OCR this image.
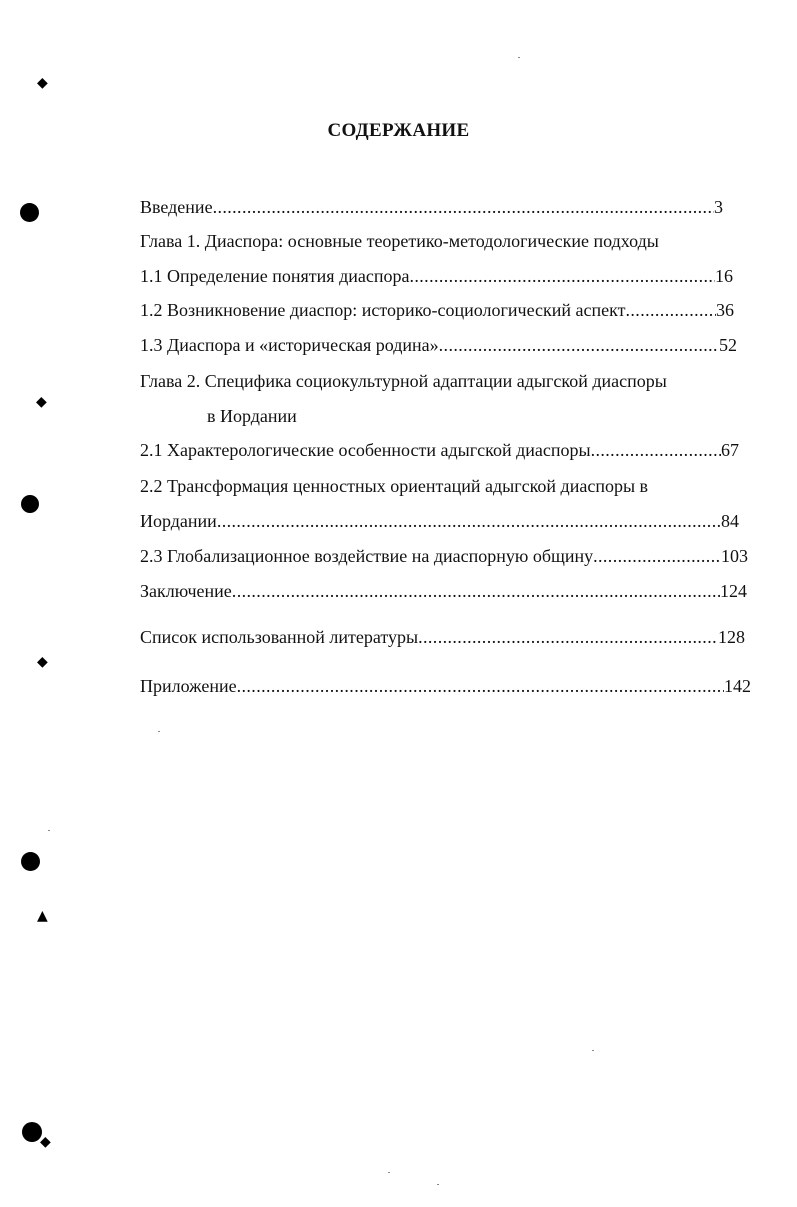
◆
◆
◆
▲
◆
СОДЕРЖАНИЕ
Введение .....	3
Глава 1. Диаспора: основные теоретико-методологические подходы
1.1 Определение понятия диаспора .....	16
1.2 Возникновение диаспор: историко-социологический аспект .....	36
1.3 Диаспора и «историческая родина» .....	52
Глава 2. Специфика социокультурной адаптации адыгской диаспоры
в Иордании
2.1 Характерологические особенности адыгской диаспоры .....	67
2.2 Трансформация ценностных ориентаций адыгской диаспоры в
Иордании .....	84
2.3 Глобализационное воздействие на диаспорную общину .....	103
Заключение .....	124
Список использованной литературы .....	128
Приложение .....	142
